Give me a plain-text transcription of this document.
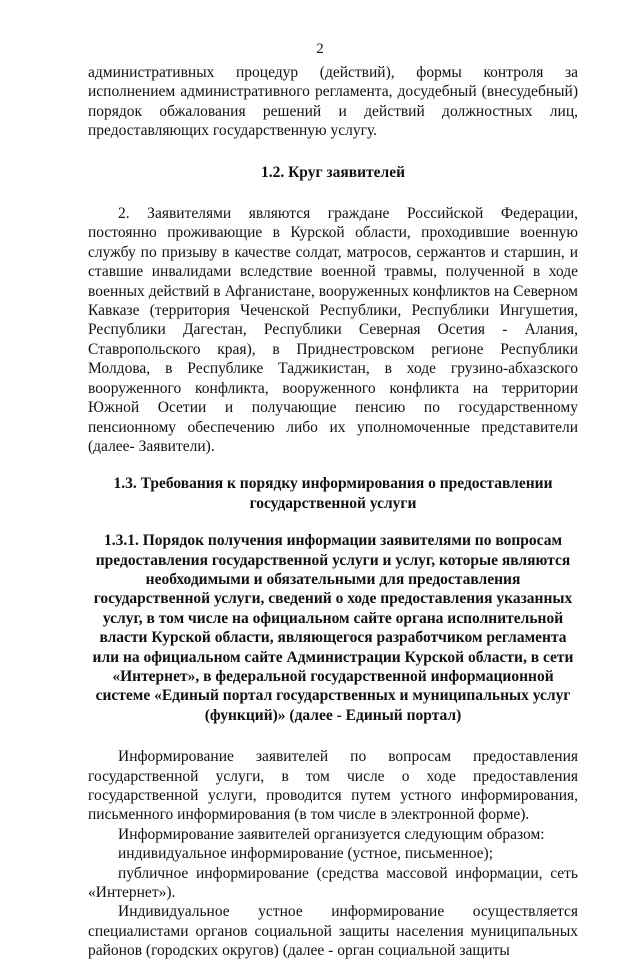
2

административных процедур (действий), формы контроля за исполнением административного регламента, досудебный (внесудебный) порядок обжалования решений и действий должностных лиц, предоставляющих государственную услугу.

1.2. Круг заявителей

2. Заявителями являются граждане Российской Федерации, постоянно проживающие в Курской области, проходившие военную службу по призыву в качестве солдат, матросов, сержантов и старшин, и ставшие инвалидами вследствие военной травмы, полученной в ходе военных действий в Афганистане, вооруженных конфликтов на Северном Кавказе (территория Чеченской Республики, Республики Ингушетия, Республики Дагестан, Республики Северная Осетия - Алания, Ставропольского края), в Приднестровском регионе Республики Молдова, в Республике Таджикистан, в ходе грузино-абхазского вооруженного конфликта, вооруженного конфликта на территории Южной Осетии и получающие пенсию по государственному пенсионному обеспечению либо их уполномоченные представители (далее- Заявители).

1.3. Требования к порядку информирования о предоставлении государственной услуги
1.3.1. Порядок получения информации заявителями по вопросам предоставления государственной услуги и услуг, которые являются необходимыми и обязательными для предоставления государственной услуги, сведений о ходе предоставления указанных услуг, в том числе на официальном сайте органа исполнительной власти Курской области, являющегося разработчиком регламента или на официальном сайте Администрации Курской области, в сети «Интернет», в федеральной государственной информационной системе «Единый портал государственных и муниципальных услуг (функций)» (далее - Единый портал)

Информирование заявителей по вопросам предоставления государственной услуги, в том числе о ходе предоставления государственной услуги, проводится путем устного информирования, письменного информирования (в том числе в электронной форме).

Информирование заявителей организуется следующим образом:

индивидуальное информирование (устное, письменное);

публичное информирование (средства массовой информации, сеть «Интернет»).

Индивидуальное устное информирование осуществляется специалистами органов социальной защиты населения муниципальных районов (городских округов) (далее - орган социальной защиты
